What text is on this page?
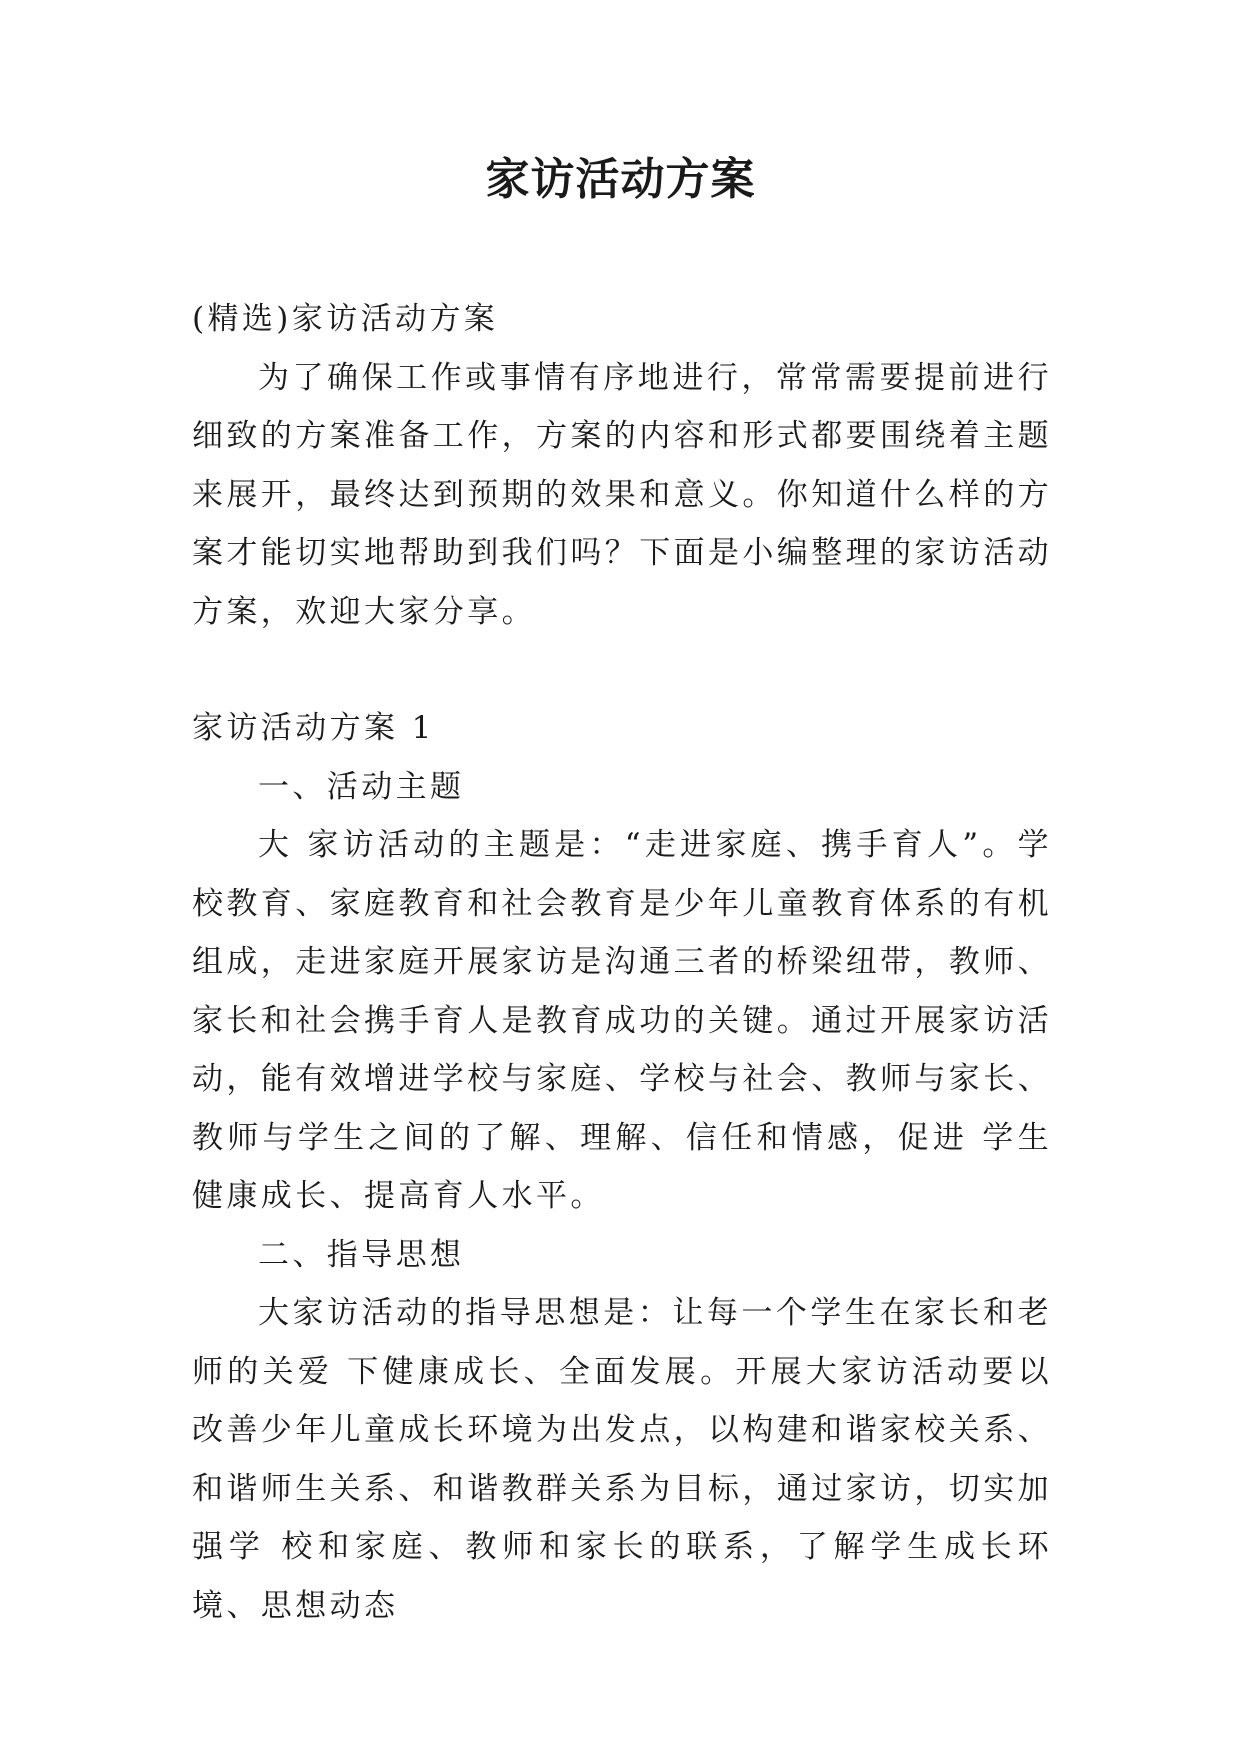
家访活动方案

(精选)家访活动方案

为了确保工作或事情有序地进行，常常需要提前进行细致的方案准备工作，方案的内容和形式都要围绕着主题来展开，最终达到预期的效果和意义。你知道什么样的方案才能切实地帮助到我们吗？下面是小编整理的家访活动方案，欢迎大家分享。

家访活动方案 1

一、活动主题

大 家访活动的主题是：“走进家庭、携手育人”。学校教育、家庭教育和社会教育是少年儿童教育体系的有机组成，走进家庭开展家访是沟通三者的桥梁纽带，教师、 家长和社会携手育人是教育成功的关键。通过开展家访活动，能有效增进学校与家庭、学校与社会、教师与家长、教师与学生之间的了解、理解、信任和情感，促进 学生健康成长、提高育人水平。

二、指导思想

大家访活动的指导思想是：让每一个学生在家长和老师的关爱 下健康成长、全面发展。开展大家访活动要以改善少年儿童成长环境为出发点，以构建和谐家校关系、和谐师生关系、和谐教群关系为目标，通过家访，切实加强学 校和家庭、教师和家长的联系，了解学生成长环境、思想动态
